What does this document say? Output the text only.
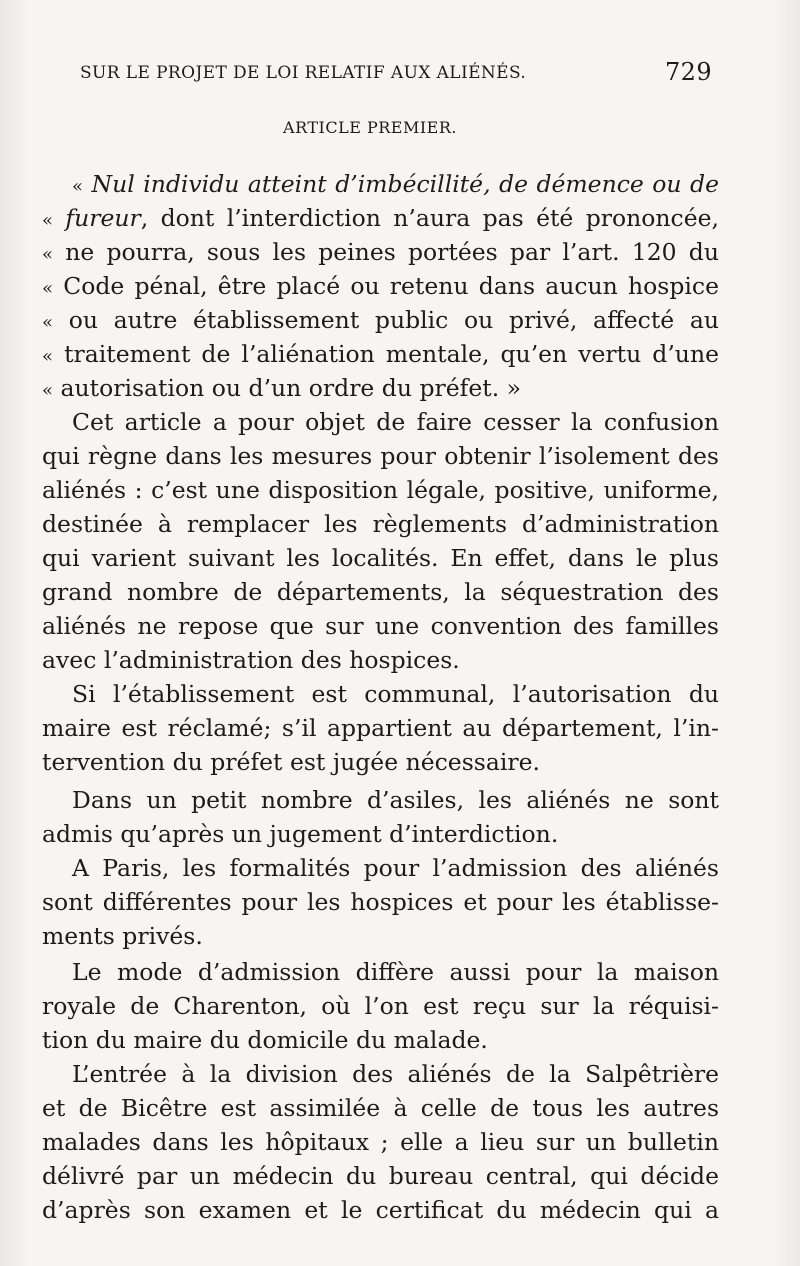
SUR LE PROJET DE LOI RELATIF AUX ALIÉNÉS.	729
ARTICLE PREMIER.
« Nul individu atteint d’imbécillité, de démence ou de
« fureur, dont l’interdiction n’aura pas été prononcée,
« ne pourra, sous les peines portées par l’art. 120 du
« Code pénal, être placé ou retenu dans aucun hospice
« ou autre établissement public ou privé, affecté au
« traitement de l’aliénation mentale, qu’en vertu d’une
« autorisation ou d’un ordre du préfet. »
Cet article a pour objet de faire cesser la confusion
qui règne dans les mesures pour obtenir l’isolement des
aliénés : c’est une disposition légale, positive, uniforme,
destinée à remplacer les règlements d’administration
qui varient suivant les localités. En effet, dans le plus
grand nombre de départements, la séquestration des
aliénés ne repose que sur une convention des familles
avec l’administration des hospices.
Si l’établissement est communal, l’autorisation du
maire est réclamé; s’il appartient au département, l’in-
tervention du préfet est jugée nécessaire.
Dans un petit nombre d’asiles, les aliénés ne sont
admis qu’après un jugement d’interdiction.
A Paris, les formalités pour l’admission des aliénés
sont différentes pour les hospices et pour les établisse-
ments privés.
Le mode d’admission diffère aussi pour la maison
royale de Charenton, où l’on est reçu sur la réquisi-
tion du maire du domicile du malade.
L’entrée à la division des aliénés de la Salpêtrière
et de Bicêtre est assimilée à celle de tous les autres
malades dans les hôpitaux ; elle a lieu sur un bulletin
délivré par un médecin du bureau central, qui décide
d’après son examen et le certificat du médecin qui a
